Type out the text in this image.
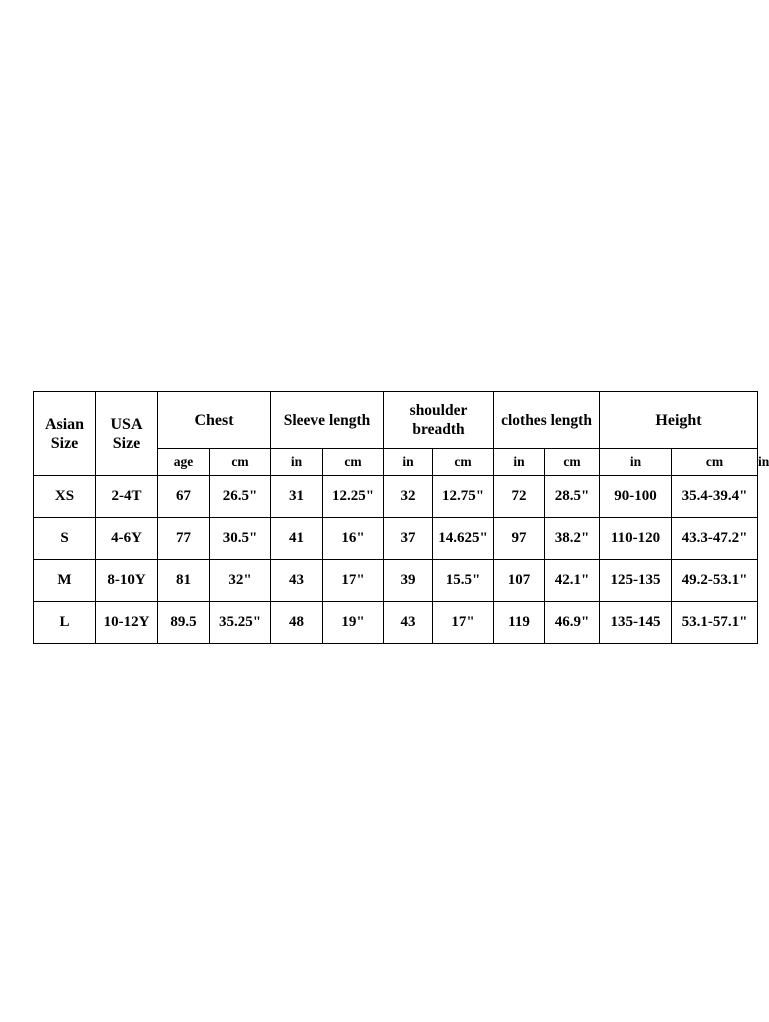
Asian Size	USA Size	Chest		Sleeve length		shoulder breadth		clothes length		Height		
		age	cm	in	cm	in	cm	in	cm	in	cm	in
XS	2-4T	67	26.5"	31	12.25"	32	12.75"	72	28.5"	90-100	35.4-39.4"	
S	4-6Y	77	30.5"	41	16"	37	14.625"	97	38.2"	110-120	43.3-47.2"	
M	8-10Y	81	32"	43	17"	39	15.5"	107	42.1"	125-135	49.2-53.1"	
L	10-12Y	89.5	35.25"	48	19"	43	17"	119	46.9"	135-145	53.1-57.1"	
